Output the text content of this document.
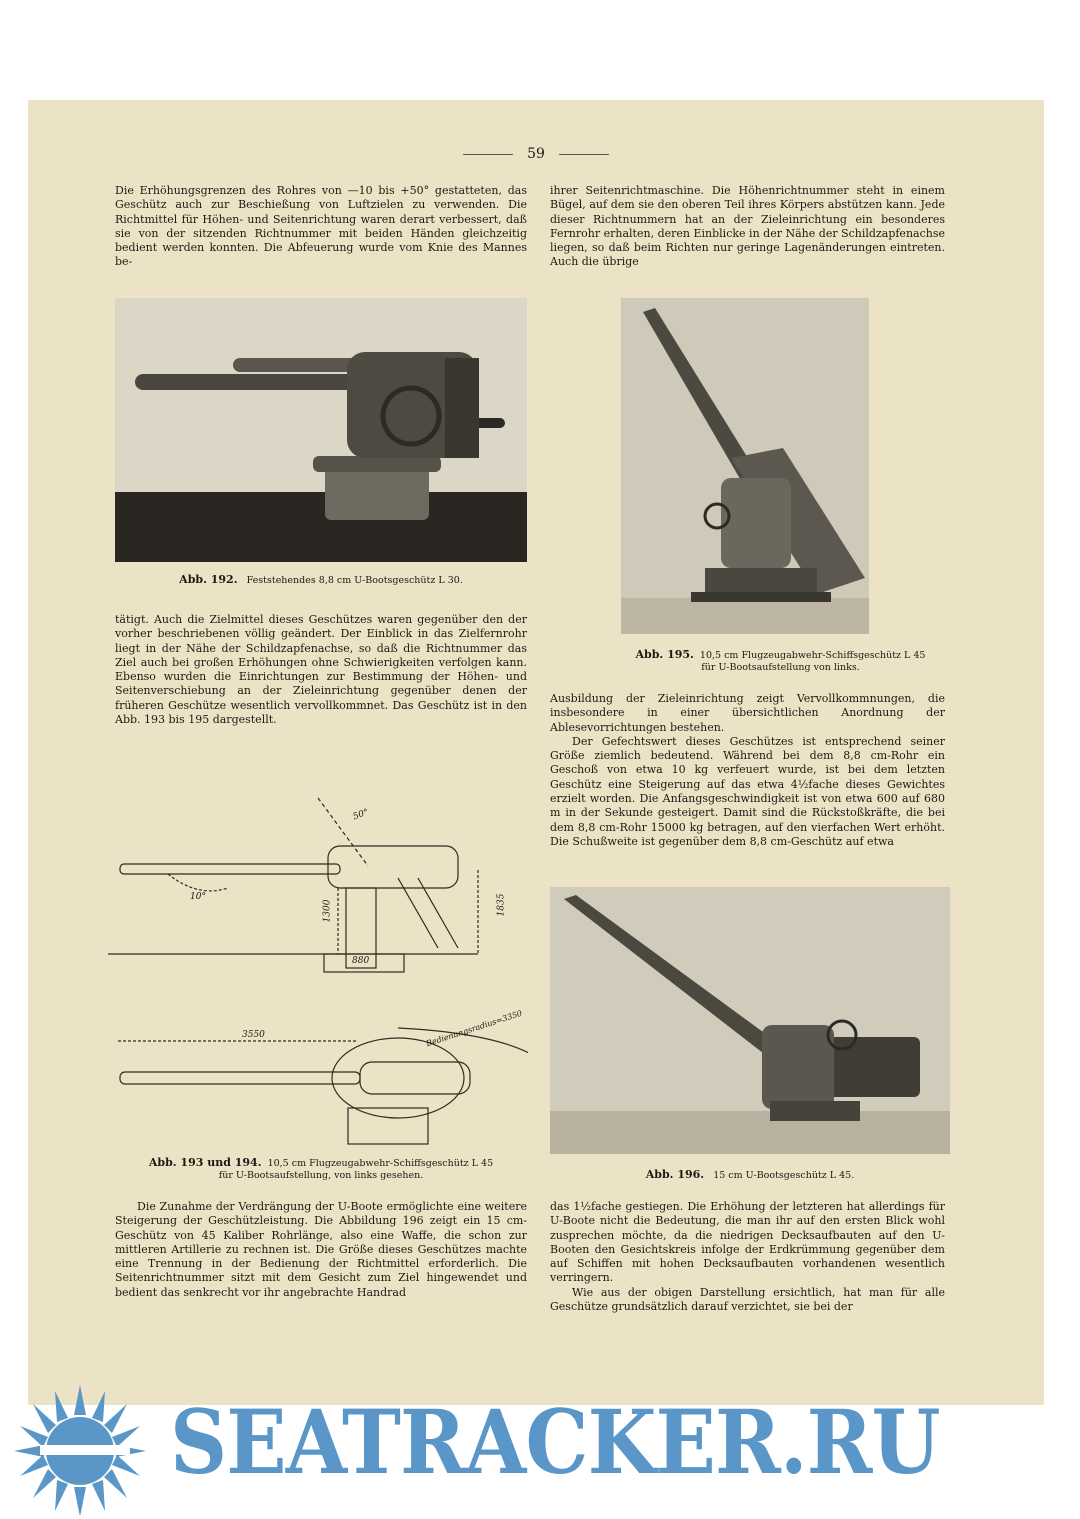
59

Die Erhöhungsgrenzen des Rohres von —10 bis +50° gestatteten, das Geschütz auch zur Beschießung von Luftzielen zu verwenden. Die Richtmittel für Höhen- und Seitenrichtung waren derart verbessert, daß sie von der sitzenden Richtnummer mit beiden Händen gleichzeitig bedient werden konnten. Die Abfeuerung wurde vom Knie des Mannes be-

Abb. 192. Feststehendes 8,8 cm U-Bootsgeschütz L 30.

tätigt. Auch die Zielmittel dieses Geschützes waren gegenüber den der vorher beschriebenen völlig geändert. Der Einblick in das Zielfernrohr liegt in der Nähe der Schildzapfenachse, so daß die Richtnummer das Ziel auch bei großen Erhöhungen ohne Schwierigkeiten verfolgen kann. Ebenso wurden die Einrichtungen zur Bestimmung der Höhen- und Seitenverschiebung an der Zieleinrichtung gegenüber denen der früheren Geschütze wesentlich vervollkommnet. Das Geschütz ist in den Abb. 193 bis 195 dargestellt.

50°
10°
1300	1835
880
3550	Bedienungsradius=3350
Abb. 193 und 194. 10,5 cm Flugzeugabwehr-Schiffsgeschütz L 45
für U-Bootsaufstellung, von links gesehen.

Die Zunahme der Verdrängung der U-Boote ermöglichte eine weitere Steigerung der Geschützleistung. Die Abbildung 196 zeigt ein 15 cm-Geschütz von 45 Kaliber Rohrlänge, also eine Waffe, die schon zur mittleren Artillerie zu rechnen ist. Die Größe dieses Geschützes machte eine Trennung in der Bedienung der Richtmittel erforderlich. Die Seitenrichtnummer sitzt mit dem Gesicht zum Ziel hingewendet und bedient das senkrecht vor ihr angebrachte Handrad

ihrer Seitenrichtmaschine. Die Höhenrichtnummer steht in einem Bügel, auf dem sie den oberen Teil ihres Körpers abstützen kann. Jede dieser Richtnummern hat an der Zieleinrichtung ein besonderes Fernrohr erhalten, deren Einblicke in der Nähe der Schildzapfenachse liegen, so daß beim Richten nur geringe Lagenänderungen eintreten. Auch die übrige

Abb. 195. 10,5 cm Flugzeugabwehr-Schiffsgeschütz L 45
für U-Bootsaufstellung von links.

Ausbildung der Zieleinrichtung zeigt Vervollkommnungen, die insbesondere in einer übersichtlichen Anordnung der Ablesevorrichtungen bestehen.

Der Gefechtswert dieses Geschützes ist entsprechend seiner Größe ziemlich bedeutend. Während bei dem 8,8 cm-Rohr ein Geschoß von etwa 10 kg verfeuert wurde, ist bei dem letzten Geschütz eine Steigerung auf das etwa 4½fache dieses Gewichtes erzielt worden. Die Anfangsgeschwindigkeit ist von etwa 600 auf 680 m in der Sekunde gesteigert. Damit sind die Rückstoßkräfte, die bei dem 8,8 cm-Rohr 15000 kg betragen, auf den vierfachen Wert erhöht. Die Schußweite ist gegenüber dem 8,8 cm-Geschütz auf etwa

Abb. 196. 15 cm U-Bootsgeschütz L 45.

das 1½fache gestiegen. Die Erhöhung der letzteren hat allerdings für U-Boote nicht die Bedeutung, die man ihr auf den ersten Blick wohl zusprechen möchte, da die niedrigen Decksaufbauten auf den U-Booten den Gesichtskreis infolge der Erdkrümmung gegenüber dem auf Schiffen mit hohen Decksaufbauten vorhandenen wesentlich verringern.

Wie aus der obigen Darstellung ersichtlich, hat man für alle Geschütze grundsätzlich darauf verzichtet, sie bei der

SEATRACKER.RU
